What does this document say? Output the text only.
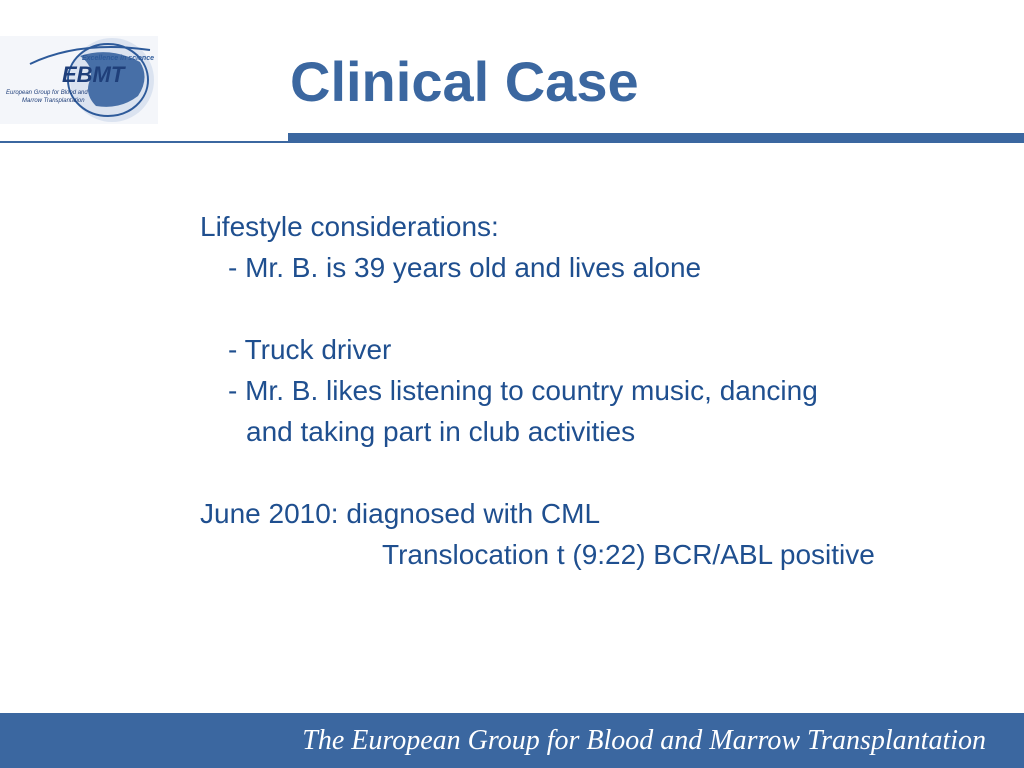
Excellence in science
EBMT
European Group for Blood and
Marrow Transplantation	Clinical Case
Lifestyle considerations:
- Mr. B. is 39 years old and lives alone
- Truck driver
- Mr. B. likes listening to country music, dancing
and taking part in club activities
June 2010: diagnosed with CML
Translocation t (9:22) BCR/ABL positive
The European Group for Blood and Marrow Transplantation
